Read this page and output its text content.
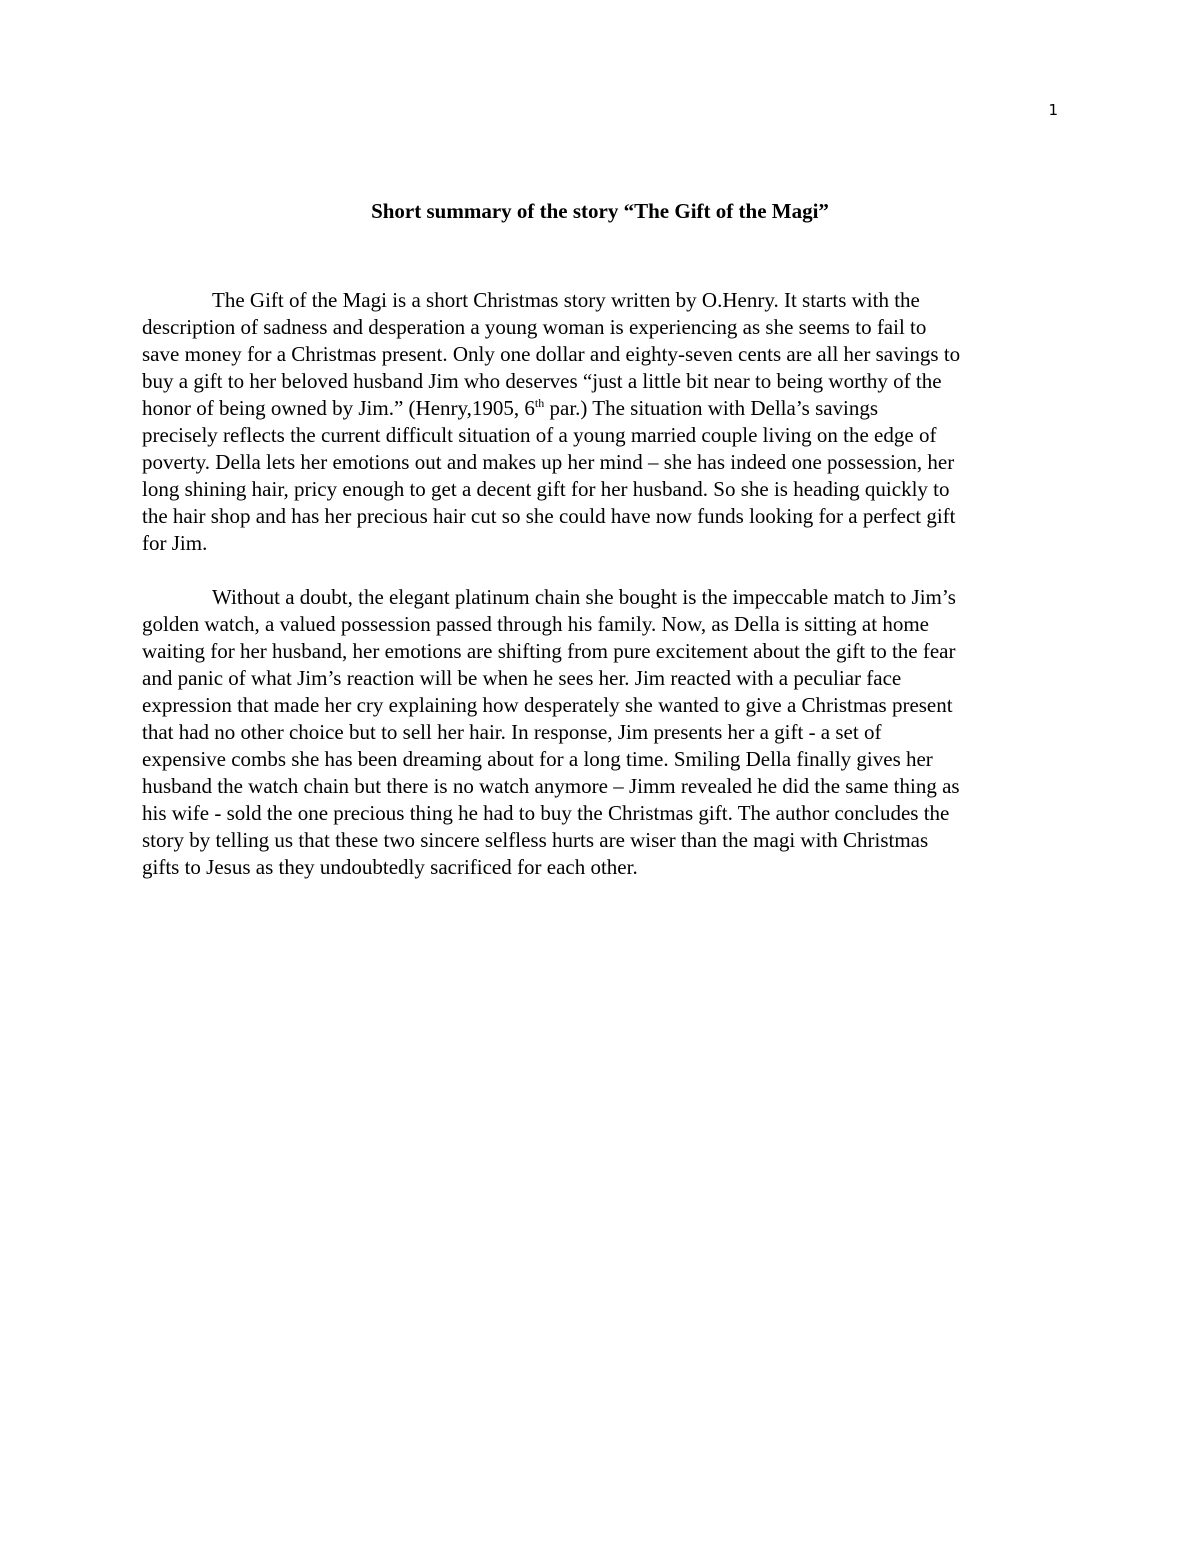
1
Short summary of the story “The Gift of the Magi”

The Gift of the Magi is a short Christmas story written by O.Henry. It starts with the
description of sadness and desperation a young woman is experiencing as she seems to fail to
save money for a Christmas present. Only one dollar and eighty-seven cents are all her savings to
buy a gift to her beloved husband Jim who deserves “just a little bit near to being worthy of the
honor of being owned by Jim.” (Henry,1905, 6th par.) The situation with Della’s savings
precisely reflects the current difficult situation of a young married couple living on the edge of
poverty. Della lets her emotions out and makes up her mind – she has indeed one possession, her
long shining hair, pricy enough to get a decent gift for her husband. So she is heading quickly to
the hair shop and has her precious hair cut so she could have now funds looking for a perfect gift
for Jim.

Without a doubt, the elegant platinum chain she bought is the impeccable match to Jim’s
golden watch, a valued possession passed through his family. Now, as Della is sitting at home
waiting for her husband, her emotions are shifting from pure excitement about the gift to the fear
and panic of what Jim’s reaction will be when he sees her. Jim reacted with a peculiar face
expression that made her cry explaining how desperately she wanted to give a Christmas present
that had no other choice but to sell her hair. In response, Jim presents her a gift - a set of
expensive combs she has been dreaming about for a long time. Smiling Della finally gives her
husband the watch chain but there is no watch anymore – Jimm revealed he did the same thing as
his wife - sold the one precious thing he had to buy the Christmas gift. The author concludes the
story by telling us that these two sincere selfless hurts are wiser than the magi with Christmas
gifts to Jesus as they undoubtedly sacrificed for each other.
